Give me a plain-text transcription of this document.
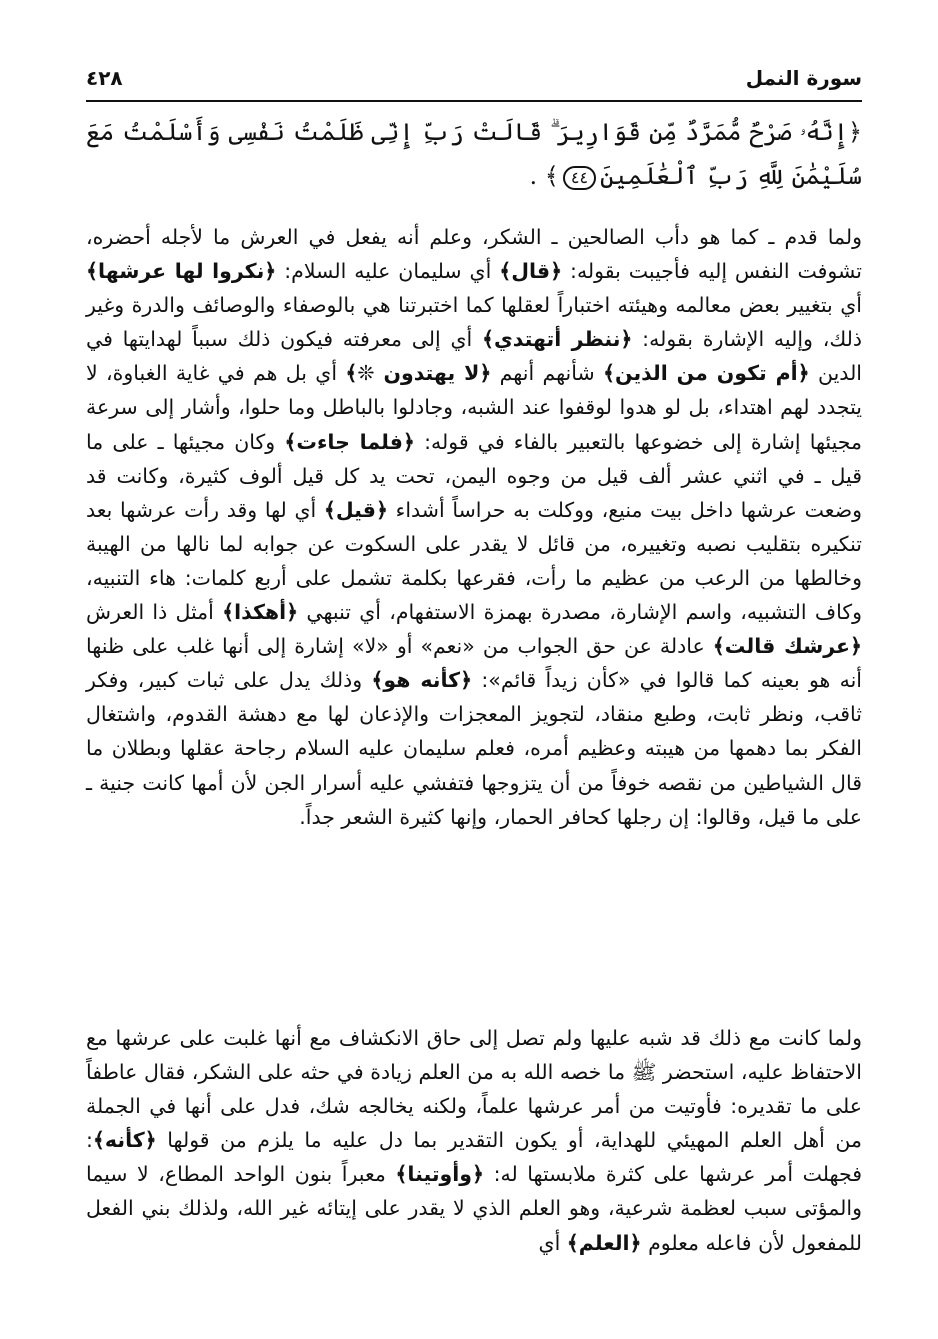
سورة النمل
٤٢٨
﴿إِنَّهُۥ صَرْحٌ مُّمَرَّدٌ مِّن قَوَارِيرَ ۗ قَالَتْ رَبِّ إِنِّى ظَلَمْتُ نَفْسِى وَأَسْلَمْتُ مَعَ سُلَيْمَٰنَ لِلَّهِ رَبِّ ٱلْعَٰلَمِينَ٤٤﴾ .

ولما قدم ـ كما هو دأب الصالحين ـ الشكر، وعلم أنه يفعل في العرش ما لأجله أحضره، تشوفت النفس إليه فأجيبت بقوله: ﴿قال﴾ أي سليمان عليه السلام: ﴿نكروا لها عرشها﴾ أي بتغيير بعض معالمه وهيئته اختباراً لعقلها كما اختبرتنا هي بالوصفاء والوصائف والدرة وغير ذلك، وإليه الإشارة بقوله: ﴿ننظر أتهتدي﴾ أي إلى معرفته فيكون ذلك سبباً لهدايتها في الدين ﴿أم تكون من الذين﴾ شأنهم أنهم ﴿لا يهتدون ❊﴾ أي بل هم في غاية الغباوة، لا يتجدد لهم اهتداء، بل لو هدوا لوقفوا عند الشبه، وجادلوا بالباطل وما حلوا، وأشار إلى سرعة مجيئها إشارة إلى خضوعها بالتعبير بالفاء في قوله: ﴿فلما جاءت﴾ وكان مجيئها ـ على ما قيل ـ في اثني عشر ألف قيل من وجوه اليمن، تحت يد كل قيل ألوف كثيرة، وكانت قد وضعت عرشها داخل بيت منيع، ووكلت به حراساً أشداء ﴿قيل﴾ أي لها وقد رأت عرشها بعد تنكيره بتقليب نصبه وتغييره، من قائل لا يقدر على السكوت عن جوابه لما نالها من الهيبة وخالطها من الرعب من عظيم ما رأت، فقرعها بكلمة تشمل على أربع كلمات: هاء التنبيه، وكاف التشبيه، واسم الإشارة، مصدرة بهمزة الاستفهام، أي تنبهي ﴿أهكذا﴾ أمثل ذا العرش ﴿عرشك قالت﴾ عادلة عن حق الجواب من «نعم» أو «لا» إشارة إلى أنها غلب على ظنها أنه هو بعينه كما قالوا في «كأن زيداً قائم»: ﴿كأنه هو﴾ وذلك يدل على ثبات كبير، وفكر ثاقب، ونظر ثابت، وطبع منقاد، لتجويز المعجزات والإذعان لها مع دهشة القدوم، واشتغال الفكر بما دهمها من هيبته وعظيم أمره، فعلم سليمان عليه السلام رجاحة عقلها وبطلان ما قال الشياطين من نقصه خوفاً من أن يتزوجها فتفشي عليه أسرار الجن لأن أمها كانت جنية ـ على ما قيل، وقالوا: إن رجلها كحافر الحمار، وإنها كثيرة الشعر جداً.

ولما كانت مع ذلك قد شبه عليها ولم تصل إلى حاق الانكشاف مع أنها غلبت على عرشها مع الاحتفاظ عليه، استحضر ﷺ ما خصه الله به من العلم زيادة في حثه على الشكر، فقال عاطفاً على ما تقديره: فأوتيت من أمر عرشها علماً، ولكنه يخالجه شك، فدل على أنها في الجملة من أهل العلم المهيئي للهداية، أو يكون التقدير بما دل عليه ما يلزم من قولها ﴿كأنه﴾: فجهلت أمر عرشها على كثرة ملابستها له: ﴿وأوتينا﴾ معبراً بنون الواحد المطاع، لا سيما والمؤتى سبب لعظمة شرعية، وهو العلم الذي لا يقدر على إيتائه غير الله، ولذلك بني الفعل للمفعول لأن فاعله معلوم ﴿العلم﴾ أي
